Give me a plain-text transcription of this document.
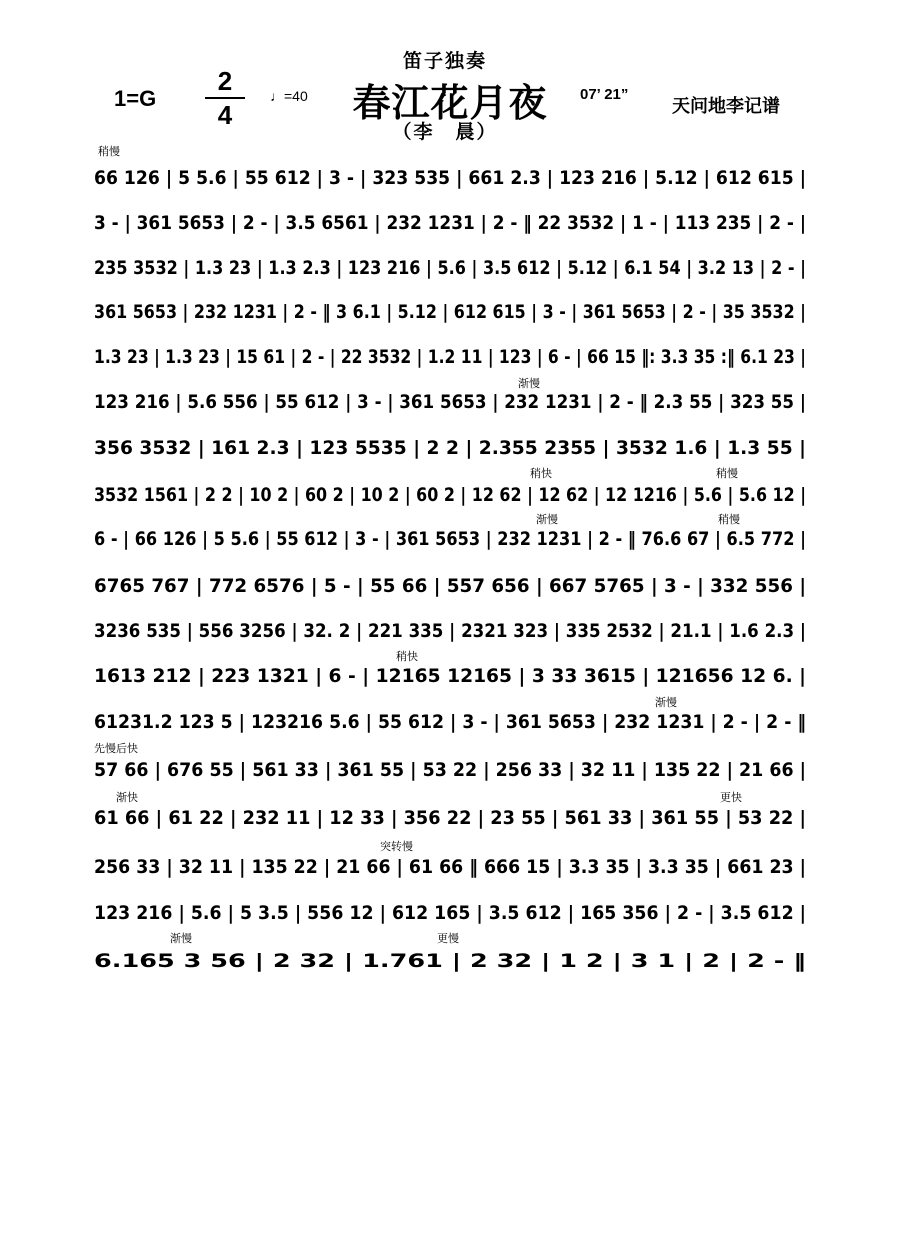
笛子独奏
春江花月夜
（李　晨）
1=G
2
4
♩=40	07’ 21”
天问地李记谱
稍慢
渐慢
稍快	稍慢
渐慢	稍慢
稍快
渐慢
先慢后快
渐快	更快
突转慢
渐慢	更慢
66 126 | 5 5.6 | 55 612 | 3 - | 323 535 | 661 2.3 | 123 216 | 5.12 | 612 615 |
3 - | 361 5653 | 2 - | 3.5 6561 | 232 1231 | 2 - ‖ 22 3532 | 1 - | 113 235 | 2 - |
235 3532 | 1.3 23 | 1.3 2.3 | 123 216 | 5.6 | 3.5 612 | 5.12 | 6.1 54 | 3.2 13 | 2 - |
361 5653 | 232 1231 | 2 - ‖ 3 6.1 | 5.12 | 612 615 | 3 - | 361 5653 | 2 - | 35 3532 |
1.3 23 | 1.3 23 | 15 61 | 2 - | 22 3532 | 1.2 11 | 123 | 6 - | 66 15 ‖: 3.3 35 :‖ 6.1 23 |
123 216 | 5.6 556 | 55 612 | 3 - | 361 5653 | 232 1231 | 2 - ‖ 2.3 55 | 323 55 |
356 3532 | 161 2.3 | 123 5535 | 2 2 | 2.355 2355 | 3532 1.6 | 1.3 55 |
3532 1561 | 2 2 | 10 2 | 60 2 | 10 2 | 60 2 | 12 62 | 12 62 | 12 1216 | 5.6 | 5.6 12 |
6 - | 66 126 | 5 5.6 | 55 612 | 3 - | 361 5653 | 232 1231 | 2 - ‖ 76.6 67 | 6.5 772 |
6765 767 | 772 6576 | 5 - | 55 66 | 557 656 | 667 5765 | 3 - | 332 556 |
3236 535 | 556 3256 | 32. 2 | 221 335 | 2321 323 | 335 2532 | 21.1 | 1.6 2.3 |
1613 212 | 223 1321 | 6 - | 12165 12165 | 3 33 3615 | 121656 12 6. |
61231.2 123 5 | 123216 5.6 | 55 612 | 3 - | 361 5653 | 232 1231 | 2 - | 2 - ‖
57 66 | 676 55 | 561 33 | 361 55 | 53 22 | 256 33 | 32 11 | 135 22 | 21 66 |
61 66 | 61 22 | 232 11 | 12 33 | 356 22 | 23 55 | 561 33 | 361 55 | 53 22 |
256 33 | 32 11 | 135 22 | 21 66 | 61 66 ‖ 666 15 | 3.3 35 | 3.3 35 | 661 23 |
123 216 | 5.6 | 5 3.5 | 556 12 | 612 165 | 3.5 612 | 165 356 | 2 - | 3.5 612 |
6.165 3 56 | 2 32 | 1.761 | 2 32 | 1 2 | 3 1 | 2 | 2 - ‖
